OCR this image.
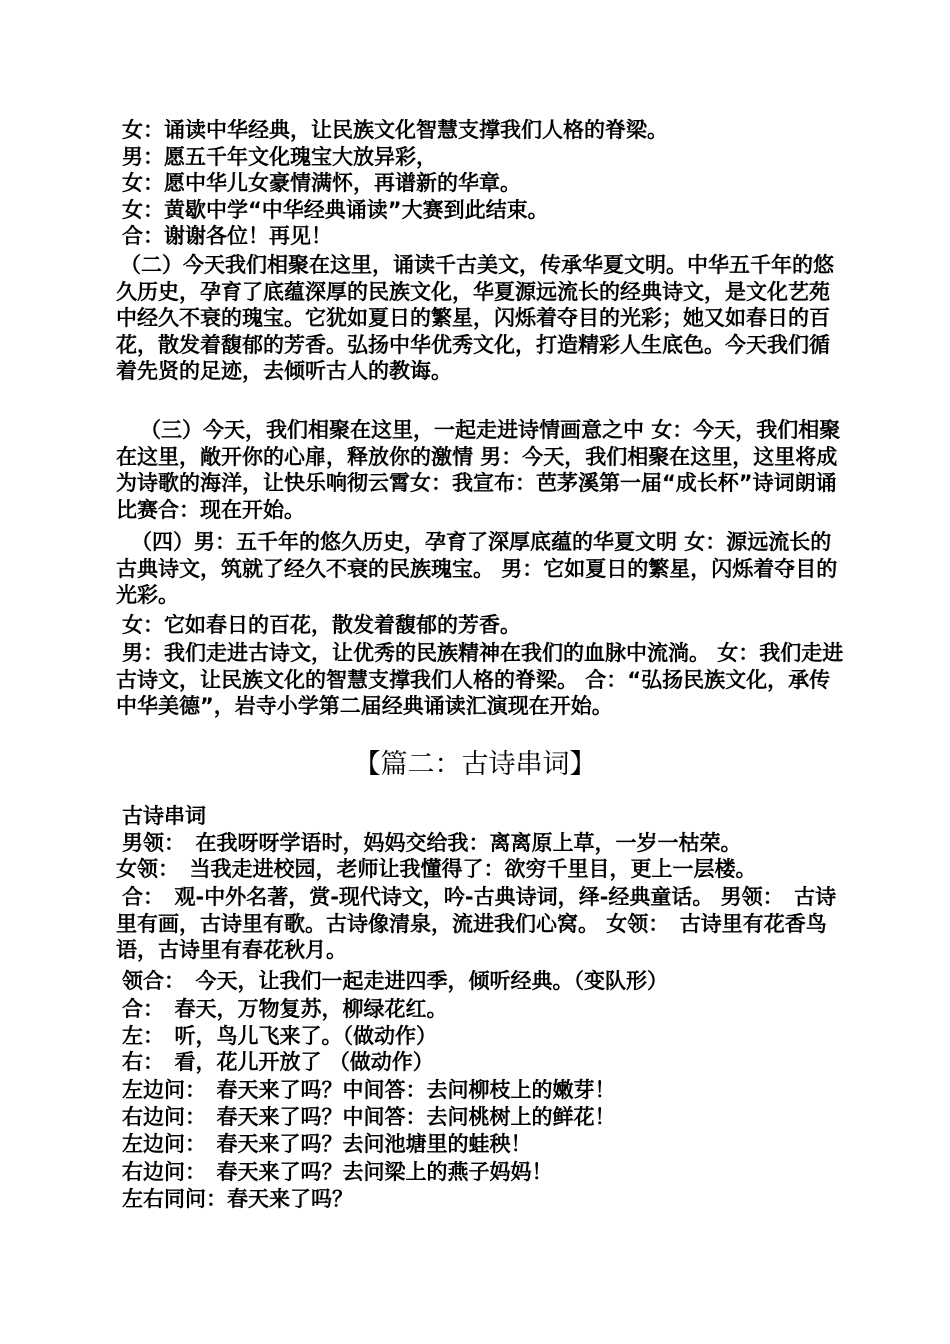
女：诵读中华经典，让民族文化智慧支撑我们人格的脊梁。

男：愿五千年文化瑰宝大放异彩，

女：愿中华儿女豪情满怀，再谱新的华章。

女：黄歇中学“中华经典诵读”大赛到此结束。

合：谢谢各位！再见！

（二）今天我们相聚在这里，诵读千古美文，传承华夏文明。中华五千年的悠久历史，孕育了底蕴深厚的民族文化，华夏源远流长的经典诗文，是文化艺苑中经久不衰的瑰宝。它犹如夏日的繁星，闪烁着夺目的光彩；她又如春日的百花，散发着馥郁的芳香。弘扬中华优秀文化，打造精彩人生底色。今天我们循着先贤的足迹，去倾听古人的教诲。

（三）今天，我们相聚在这里，一起走进诗情画意之中 女：今天，我们相聚在这里，敞开你的心扉，释放你的激情 男：今天，我们相聚在这里，这里将成为诗歌的海洋，让快乐响彻云霄女：我宣布：芭茅溪第一届“成长杯”诗词朗诵比赛合：现在开始。

（四）男：五千年的悠久历史，孕育了深厚底蕴的华夏文明 女：源远流长的古典诗文，筑就了经久不衰的民族瑰宝。 男：它如夏日的繁星，闪烁着夺目的光彩。

女：它如春日的百花，散发着馥郁的芳香。

男：我们走进古诗文，让优秀的民族精神在我们的血脉中流淌。 女：我们走进古诗文，让民族文化的智慧支撑我们人格的脊梁。 合：“弘扬民族文化，承传中华美德”，岩寺小学第二届经典诵读汇演现在开始。

【篇二：古诗串词】

古诗串词

男领：　在我呀呀学语时，妈妈交给我：离离原上草，一岁一枯荣。

女领：　当我走进校园，老师让我懂得了：欲穷千里目，更上一层楼。

合：　观-中外名著，赏-现代诗文，吟-古典诗词，绎-经典童话。 男领：　古诗里有画，古诗里有歌。古诗像清泉，流进我们心窝。 女领：　古诗里有花香鸟语，古诗里有春花秋月。

领合：　今天，让我们一起走进四季，倾听经典。（变队形）

合：　春天，万物复苏，柳绿花红。

左：　听，鸟儿飞来了。（做动作）

右：　看，花儿开放了 （做动作）

左边问：　春天来了吗？中间答：去问柳枝上的嫩芽！

右边问：　春天来了吗？中间答：去问桃树上的鲜花！

左边问：　春天来了吗？去问池塘里的蛙秧！

右边问：　春天来了吗？去问梁上的燕子妈妈！

左右同问：春天来了吗？
